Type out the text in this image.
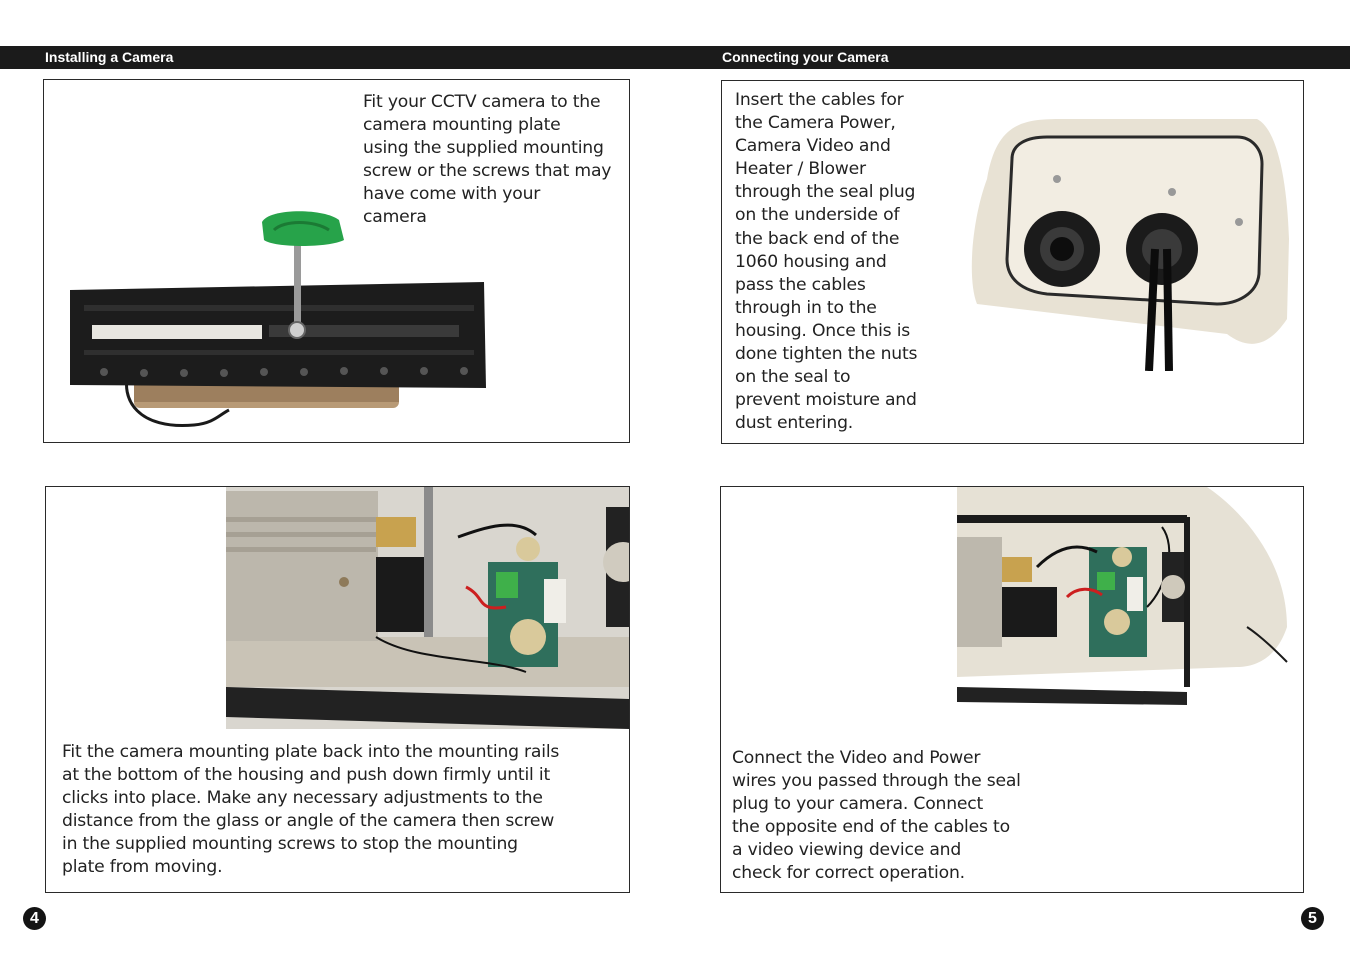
Installing a Camera	Connecting your Camera
Fit your CCTV camera to the
camera mounting plate
using the supplied mounting
screw or the screws that may
have come with your
camera
Fit the camera mounting plate back into the mounting rails
at the bottom of the housing and push down firmly until it
clicks into place. Make any necessary adjustments to the
distance from the glass or angle of the camera then screw
in the supplied mounting screws to stop the mounting
plate from moving.
Insert the cables for
the Camera Power,
Camera Video and
Heater / Blower
through the seal plug
on the underside of
the back end of the
1060 housing and
pass the cables
through in to the
housing. Once this is
done tighten the nuts
on the seal to
prevent moisture and
dust entering.
Connect the Video and Power
wires you passed through the seal
plug to your camera. Connect
the opposite end of the cables to
a video viewing device and
check for correct operation.
4	5
